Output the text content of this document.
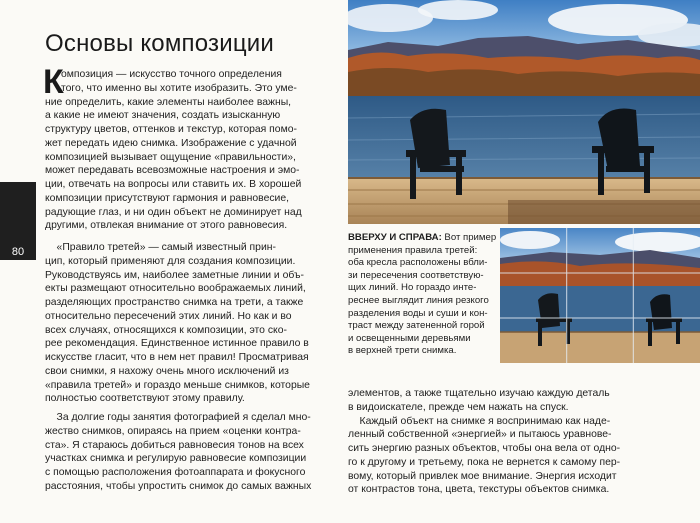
Основы композиции
80
К
омпозиция — искусство точного определения
того, что именно вы хотите изобразить. Это уме-
ние определить, какие элементы наиболее важны,
а какие не имеют значения, создать изысканную
структуру цветов, оттенков и текстур, которая помо-
жет передать идею снимка. Изображение с удачной
композицией вызывает ощущение «правильности»,
может передавать всевозможные настроения и эмо-
ции, отвечать на вопросы или ставить их. В хорошей
композиции присутствуют гармония и равновесие,
радующие глаз, и ни один объект не доминирует над
другими, отвлекая внимание от этого равновесия.
«Правило третей» — самый известный прин-
цип, который применяют для создания композиции.
Руководствуясь им, наиболее заметные линии и объ-
екты размещают относительно воображаемых линий,
разделяющих пространство снимка на трети, а также
относительно пересечений этих линий. Но как и во
всех случаях, относящихся к композиции, это ско-
рее рекомендация. Единственное истинное правило в
искусстве гласит, что в нем нет правил! Просматривая
свои снимки, я нахожу очень много исключений из
«правила третей» и гораздо меньше снимков, которые
полностью соответствуют этому правилу.
За долгие годы занятия фотографией я сделал мно-
жество снимков, опираясь на прием «оценки контра-
ста». Я стараюсь добиться равновесия тонов на всех
участках снимка и регулирую равновесие композиции
с помощью расположения фотоаппарата и фокусного
расстояния, чтобы упростить снимок до самых важных
элементов, а также тщательно изучаю каждую деталь
в видоискателе, прежде чем нажать на спуск.
Каждый объект на снимке я воспринимаю как наде-
ленный собственной «энергией» и пытаюсь уравнове-
сить энергию разных объектов, чтобы она вела от одно-
го к другому и третьему, пока не вернется к самому пер-
вому, который привлек мое внимание. Энергия исходит
от контрастов тона, цвета, текстуры объектов снимка.
ВВЕРХУ И СПРАВА: Вот пример
применения правила третей:
оба кресла расположены вбли-
зи пересечения соответствую-
щих линий. Но гораздо инте-
реснее выглядит линия резкого
разделения воды и суши и кон-
траст между затененной горой
и освещенными деревьями
в верхней трети снимка.
